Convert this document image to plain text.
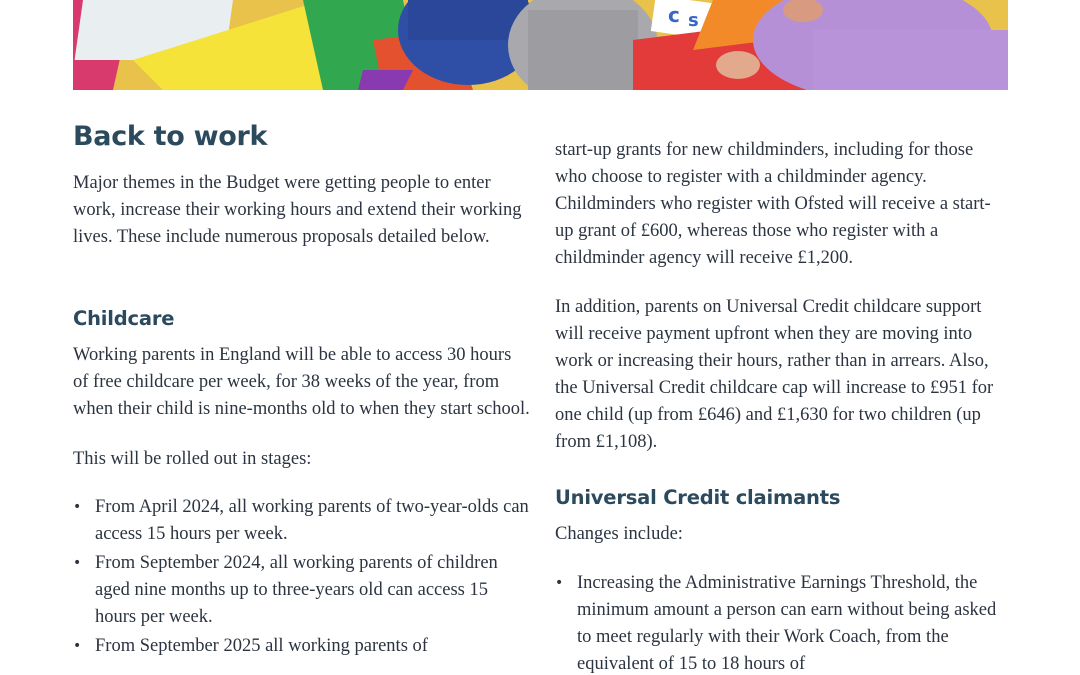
c s
Back to work

Major themes in the Budget were getting people to enter work, increase their working hours and extend their working lives. These include numerous proposals detailed below.

Childcare

Working parents in England will be able to access 30 hours of free childcare per week, for 38 weeks of the year, from when their child is nine-months old to when they start school.

This will be rolled out in stages:

• From April 2024, all working parents of two-year-olds can access 15 hours per week.
• From September 2024, all working parents of children aged nine months up to three-years old can access 15 hours per week.
• From September 2025 all working parents of

start-up grants for new childminders, including for those who choose to register with a childminder agency. Childminders who register with Ofsted will receive a start-up grant of £600, whereas those who register with a childminder agency will receive £1,200.

In addition, parents on Universal Credit childcare support will receive payment upfront when they are moving into work or increasing their hours, rather than in arrears. Also, the Universal Credit childcare cap will increase to £951 for one child (up from £646) and £1,630 for two children (up from £1,108).

Universal Credit claimants

Changes include:

• Increasing the Administrative Earnings Threshold, the minimum amount a person can earn without being asked to meet regularly with their Work Coach, from the equivalent of 15 to 18 hours of
